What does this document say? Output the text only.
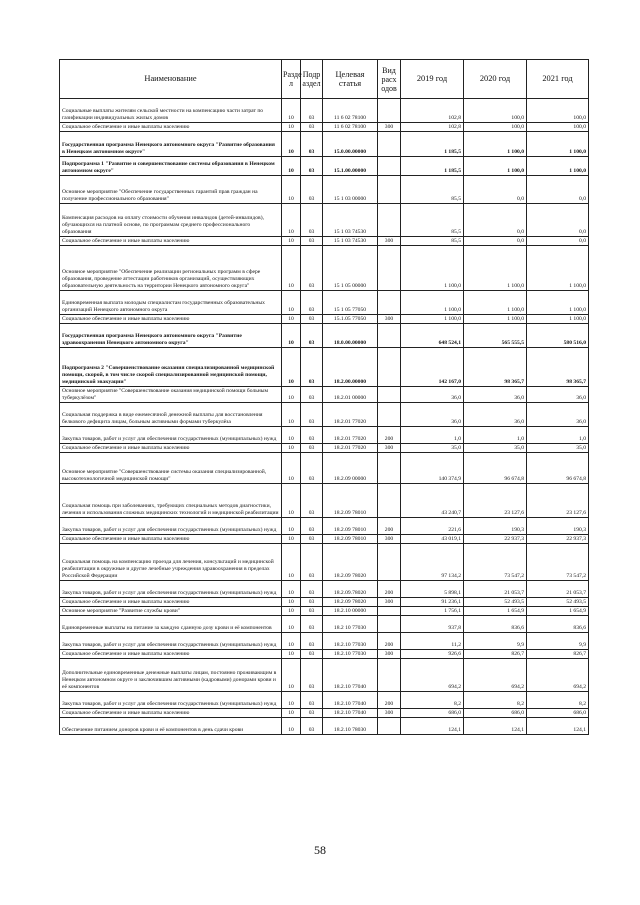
Наименование	Разде л	Подр аздел	Целевая статья	Вид расх одов	2019 год	2020 год	2021 год
Социальные выплаты жителям сельской местности на компенсацию части затрат по газификации индивидуальных жилых домов	10	03	11 6 02 78100		102,8	100,0	100,0
Социальное обеспечение и иные выплаты населению	10	03	11 6 02 78100	300	102,8	100,0	100,0
Государственная программа Ненецкого автономного округа "Развитие образования в Ненецком автономном округе"	10	03	15.0.00.00000		1 185,5	1 100,0	1 100,0
Подпрограмма 1 "Развитие и совершенствование системы образования в Ненецком автономном округе"	10	03	15.1.00.00000		1 185,5	1 100,0	1 100,0
Основное мероприятие "Обеспечение государственных гарантий прав граждан на получение профессионального образования"	10	03	15 1 03 00000		85,5	0,0	0,0
Компенсация расходов на оплату стоимости обучения инвалидов (детей-инвалидов), обучающихся на платной основе, по программам среднего профессионального образования	10	03	15 1 03 74530		85,5	0,0	0,0
Социальное обеспечение и иные выплаты населению	10	03	15 1 03 74530	300	85,5	0,0	0,0
Основное мероприятие "Обеспечение реализации региональных программ в сфере образования, проведение аттестации работников организаций, осуществляющих образовательную деятельность на территории Ненецкого автономного округа"	10	03	15 1 05 00000		1 100,0	1 100,0	1 100,0
Единовременная выплата молодым специалистам государственных образовательных организаций Ненецкого автономного округа	10	03	15 1 05 77050		1 100,0	1 100,0	1 100,0
Социальное обеспечение и иные выплаты населению	10	03	15.1.05 77050	300	1 100,0	1 100,0	1 100,0
Государственная программа Ненецкого автономного округа "Развитие здравоохранения Ненецкого автономного округа"	10	03	18.0.00.00000		648 524,1	565 555,5	580 516,0
Подпрограмма 2 "Совершенствование оказания специализированной медицинской помощи, скорой, в том числе скорой специализированной медицинской помощи, медицинской эвакуации"	10	03	18.2.00.00000		142 167,0	98 365,7	98 365,7
Основное мероприятие "Совершенствование оказания медицинской помощи больным туберкулёзом"	10	03	18.2.01 00000		36,0	36,0	36,0
Социальная поддержка в виде ежемесячной денежной выплаты для восстановления белкового дефицита лицам, больным активными формами туберкулёза	10	03	18.2.01 77020		36,0	36,0	36,0
Закупка товаров, работ и услуг для обеспечения государственных (муниципальных) нужд	10	03	18.2.01 77020	200	1,0	1,0	1,0
Социальное обеспечение и иные выплаты населению	10	03	18.2.01 77020	300	35,0	35,0	35,0
Основное мероприятие "Совершенствование системы оказания специализированной, высокотехнологичной медицинской помощи"	10	03	18.2.09 00000		140 374,9	96 674,8	96 674,8
Социальная помощь при заболеваниях, требующих специальных методов диагностики, лечения и использования сложных медицинских технологий и медицинской реабилитации	10	03	18.2.09 78010		43 240,7	23 127,6	23 127,6
Закупка товаров, работ и услуг для обеспечения государственных (муниципальных) нужд	10	03	18.2.09 78010	200	221,6	190,3	190,3
Социальное обеспечение и иные выплаты населению	10	03	18.2.09 78010	300	43 019,1	22 937,3	22 937,3
Социальная помощь на компенсацию проезда для лечения, консультаций и медицинской реабилитации в окружные и другие лечебные учреждения здравоохранения в пределах Российской Федерации	10	03	18.2.09 78020		97 134,2	73 547,2	73 547,2
Закупка товаров, работ и услуг для обеспечения государственных (муниципальных) нужд	10	03	18.2.09.78020	200	5 898,1	21 053,7	21 053,7
Социальное обеспечение и иные выплаты населению	10	03	18.2.09 78020	300	91 236,1	52 493,5	52 493,5
Основное мероприятие "Развитие службы крови"	10	03	18.2.10 00000		1 756,1	1 654,9	1 654,9
Единовременные выплаты на питание за каждую сданную дозу крови и её компонентов	10	03	18.2 10 77030		937,8	836,6	836,6
Закупка товаров, работ и услуг для обеспечения государственных (муниципальных) нужд	10	03	18.2.10 77030	200	11,2	9,9	9,9
Социальное обеспечение и иные выплаты населению	10	03	18.2.10 77030	300	926,6	826,7	826,7
Дополнительные единовременные денежные выплаты лицам, постоянно проживающим в Ненецком автономном округе и заключившим активными (кадровыми) донорами крови и её компонентов	10	03	18.2.10 77040		694,2	694,2	694,2
Закупка товаров, работ и услуг для обеспечения государственных (муниципальных) нужд	10	03	18.2.10 77040	200	8,2	8,2	8,2
Социальное обеспечение и иные выплаты населению	10	03	18.2.10 77040	300	686,0	686,0	686,0
Обеспечение питанием доноров крови и её компонентов в день сдачи крови	10	03	18.2.10 78030		124,1	124,1	124,1
58
